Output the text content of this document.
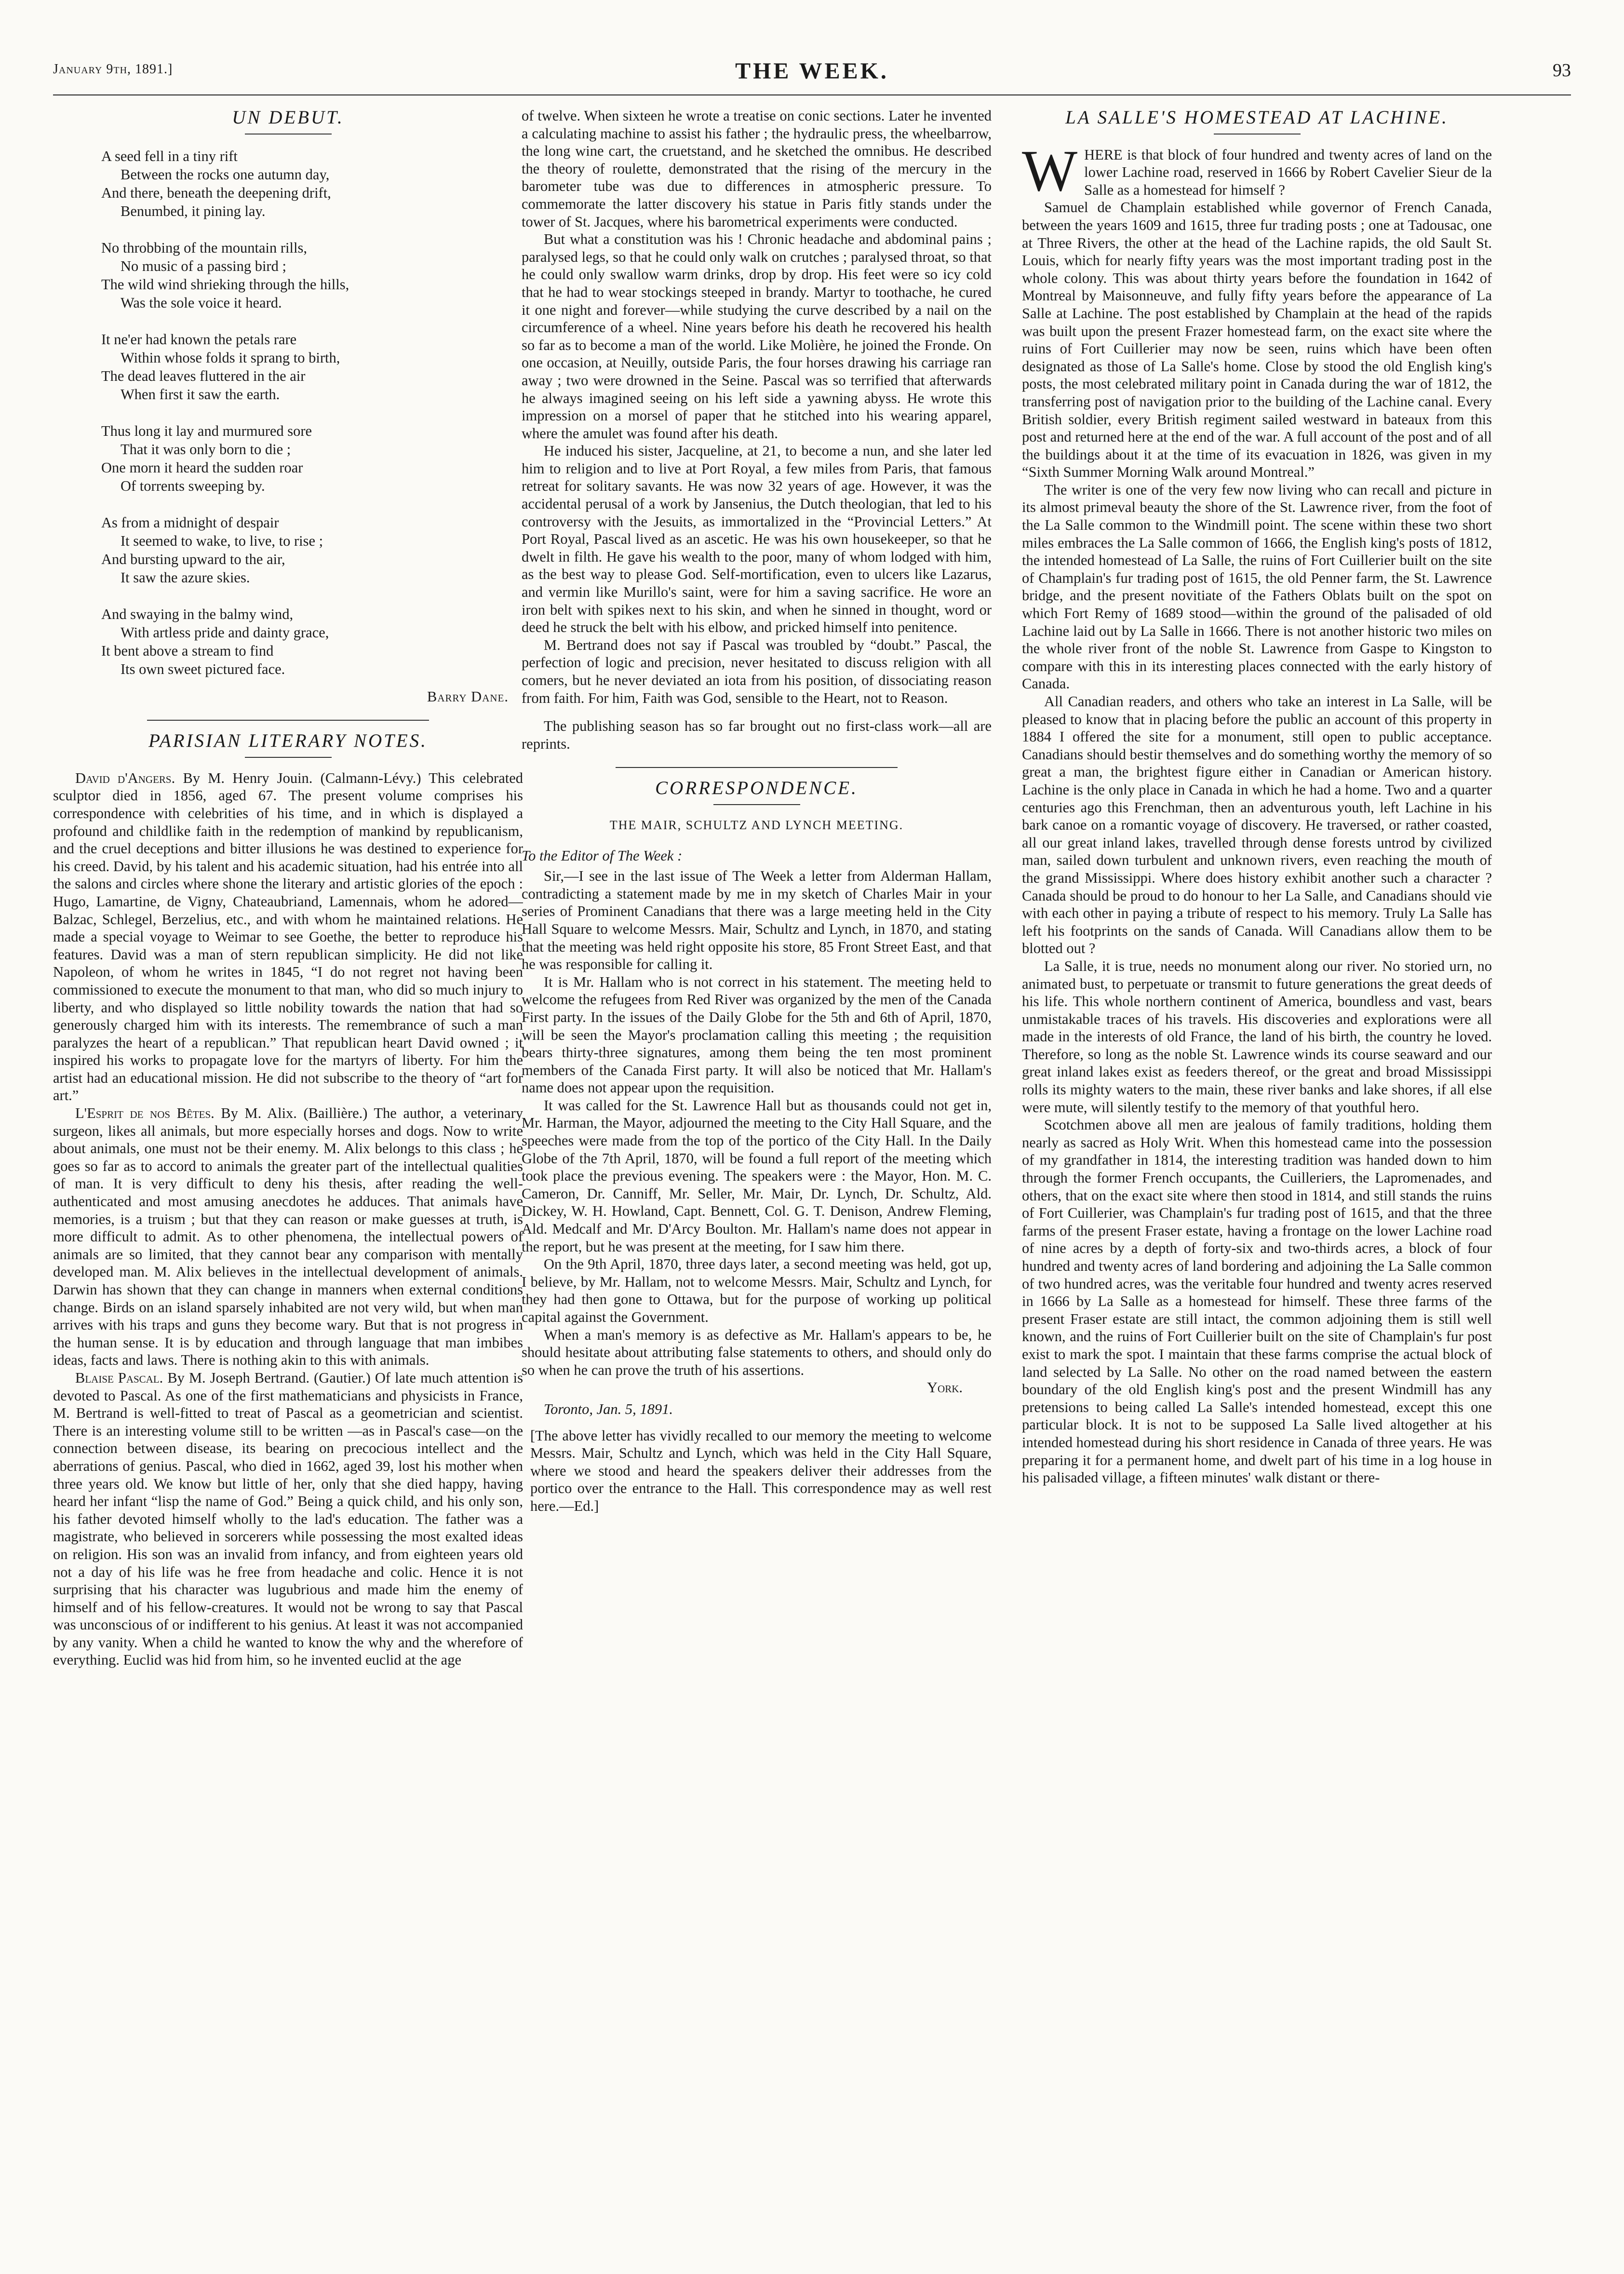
January 9th, 1891.]	THE WEEK.	93
UN DEBUT.
A seed fell in a tiny rift
Between the rocks one autumn day,
And there, beneath the deepening drift,
Benumbed, it pining lay.
No throbbing of the mountain rills,
No music of a passing bird ;
The wild wind shrieking through the hills,
Was the sole voice it heard.
It ne'er had known the petals rare
Within whose folds it sprang to birth,
The dead leaves fluttered in the air
When first it saw the earth.
Thus long it lay and murmured sore
That it was only born to die ;
One morn it heard the sudden roar
Of torrents sweeping by.
As from a midnight of despair
It seemed to wake, to live, to rise ;
And bursting upward to the air,
It saw the azure skies.
And swaying in the balmy wind,
With artless pride and dainty grace,
It bent above a stream to find
Its own sweet pictured face.
Barry Dane.
PARISIAN LITERARY NOTES.

David d'Angers. By M. Henry Jouin. (Calmann-Lévy.) This celebrated sculptor died in 1856, aged 67. The present volume comprises his correspondence with celebrities of his time, and in which is displayed a profound and childlike faith in the redemption of mankind by republicanism, and the cruel deceptions and bitter illusions he was destined to experience for his creed. David, by his talent and his academic situation, had his entrée into all the salons and circles where shone the literary and artistic glories of the epoch : Hugo, Lamartine, de Vigny, Chateaubriand, Lamennais, whom he adored—Balzac, Schlegel, Berzelius, etc., and with whom he maintained relations. He made a special voyage to Weimar to see Goethe, the better to reproduce his features. David was a man of stern republican simplicity. He did not like Napoleon, of whom he writes in 1845, “I do not regret not having been commissioned to execute the monument to that man, who did so much injury to liberty, and who displayed so little nobility towards the nation that had so generously charged him with its interests. The remembrance of such a man paralyzes the heart of a republican.” That republican heart David owned ; it inspired his works to propagate love for the martyrs of liberty. For him the artist had an educational mission. He did not subscribe to the theory of “art for art.”

L'Esprit de nos Bêtes. By M. Alix. (Baillière.) The author, a veterinary surgeon, likes all animals, but more especially horses and dogs. Now to write about animals, one must not be their enemy. M. Alix belongs to this class ; he goes so far as to accord to animals the greater part of the intellectual qualities of man. It is very difficult to deny his thesis, after reading the well-authenticated and most amusing anecdotes he adduces. That animals have memories, is a truism ; but that they can reason or make guesses at truth, is more difficult to admit. As to other phenomena, the intellectual powers of animals are so limited, that they cannot bear any comparison with mentally developed man. M. Alix believes in the intellectual development of animals. Darwin has shown that they can change in manners when external conditions change. Birds on an island sparsely inhabited are not very wild, but when man arrives with his traps and guns they become wary. But that is not progress in the human sense. It is by education and through language that man imbibes ideas, facts and laws. There is nothing akin to this with animals.

Blaise Pascal. By M. Joseph Bertrand. (Gautier.) Of late much attention is devoted to Pascal. As one of the first mathematicians and physicists in France, M. Bertrand is well-fitted to treat of Pascal as a geometrician and scientist. There is an interesting volume still to be written —as in Pascal's case—on the connection between disease, its bearing on precocious intellect and the aberrations of genius. Pascal, who died in 1662, aged 39, lost his mother when three years old. We know but little of her, only that she died happy, having heard her infant “lisp the name of God.” Being a quick child, and his only son, his father devoted himself wholly to the lad's education. The father was a magistrate, who believed in sorcerers while possessing the most exalted ideas on religion. His son was an invalid from infancy, and from eighteen years old not a day of his life was he free from headache and colic. Hence it is not surprising that his character was lugubrious and made him the enemy of himself and of his fellow-creatures. It would not be wrong to say that Pascal was unconscious of or indifferent to his genius. At least it was not accompanied by any vanity. When a child he wanted to know the why and the wherefore of everything. Euclid was hid from him, so he invented euclid at the age

of twelve. When sixteen he wrote a treatise on conic sections. Later he invented a calculating machine to assist his father ; the hydraulic press, the wheelbarrow, the long wine cart, the cruetstand, and he sketched the omnibus. He described the theory of roulette, demonstrated that the rising of the mercury in the barometer tube was due to differences in atmospheric pressure. To commemorate the latter discovery his statue in Paris fitly stands under the tower of St. Jacques, where his barometrical experiments were conducted.

But what a constitution was his ! Chronic headache and abdominal pains ; paralysed legs, so that he could only walk on crutches ; paralysed throat, so that he could only swallow warm drinks, drop by drop. His feet were so icy cold that he had to wear stockings steeped in brandy. Martyr to toothache, he cured it one night and forever—while studying the curve described by a nail on the circumference of a wheel. Nine years before his death he recovered his health so far as to become a man of the world. Like Molière, he joined the Fronde. On one occasion, at Neuilly, outside Paris, the four horses drawing his carriage ran away ; two were drowned in the Seine. Pascal was so terrified that afterwards he always imagined seeing on his left side a yawning abyss. He wrote this impression on a morsel of paper that he stitched into his wearing apparel, where the amulet was found after his death.

He induced his sister, Jacqueline, at 21, to become a nun, and she later led him to religion and to live at Port Royal, a few miles from Paris, that famous retreat for solitary savants. He was now 32 years of age. However, it was the accidental perusal of a work by Jansenius, the Dutch theologian, that led to his controversy with the Jesuits, as immortalized in the “Provincial Letters.” At Port Royal, Pascal lived as an ascetic. He was his own housekeeper, so that he dwelt in filth. He gave his wealth to the poor, many of whom lodged with him, as the best way to please God. Self-mortification, even to ulcers like Lazarus, and vermin like Murillo's saint, were for him a saving sacrifice. He wore an iron belt with spikes next to his skin, and when he sinned in thought, word or deed he struck the belt with his elbow, and pricked himself into penitence.

M. Bertrand does not say if Pascal was troubled by “doubt.” Pascal, the perfection of logic and precision, never hesitated to discuss religion with all comers, but he never deviated an iota from his position, of dissociating reason from faith. For him, Faith was God, sensible to the Heart, not to Reason.

The publishing season has so far brought out no first-class work—all are reprints.

CORRESPONDENCE.
THE MAIR, SCHULTZ AND LYNCH MEETING.

To the Editor of The Week :

Sir,—I see in the last issue of The Week a letter from Alderman Hallam, contradicting a statement made by me in my sketch of Charles Mair in your series of Prominent Canadians that there was a large meeting held in the City Hall Square to welcome Messrs. Mair, Schultz and Lynch, in 1870, and stating that the meeting was held right opposite his store, 85 Front Street East, and that he was responsible for calling it.

It is Mr. Hallam who is not correct in his statement. The meeting held to welcome the refugees from Red River was organized by the men of the Canada First party. In the issues of the Daily Globe for the 5th and 6th of April, 1870, will be seen the Mayor's proclamation calling this meeting ; the requisition bears thirty-three signatures, among them being the ten most prominent members of the Canada First party. It will also be noticed that Mr. Hallam's name does not appear upon the requisition.

It was called for the St. Lawrence Hall but as thousands could not get in, Mr. Harman, the Mayor, adjourned the meeting to the City Hall Square, and the speeches were made from the top of the portico of the City Hall. In the Daily Globe of the 7th April, 1870, will be found a full report of the meeting which took place the previous evening. The speakers were : the Mayor, Hon. M. C. Cameron, Dr. Canniff, Mr. Seller, Mr. Mair, Dr. Lynch, Dr. Schultz, Ald. Dickey, W. H. Howland, Capt. Bennett, Col. G. T. Denison, Andrew Fleming, Ald. Medcalf and Mr. D'Arcy Boulton. Mr. Hallam's name does not appear in the report, but he was present at the meeting, for I saw him there.

On the 9th April, 1870, three days later, a second meeting was held, got up, I believe, by Mr. Hallam, not to welcome Messrs. Mair, Schultz and Lynch, for they had then gone to Ottawa, but for the purpose of working up political capital against the Government.

When a man's memory is as defective as Mr. Hallam's appears to be, he should hesitate about attributing false statements to others, and should only do so when he can prove the truth of his assertions.

York.

Toronto, Jan. 5, 1891.

[The above letter has vividly recalled to our memory the meeting to welcome Messrs. Mair, Schultz and Lynch, which was held in the City Hall Square, where we stood and heard the speakers deliver their addresses from the portico over the entrance to the Hall. This correspondence may as well rest here.—Ed.]

LA SALLE'S HOMESTEAD AT LACHINE.

WHERE is that block of four hundred and twenty acres of land on the lower Lachine road, reserved in 1666 by Robert Cavelier Sieur de la Salle as a homestead for himself ?

Samuel de Champlain established while governor of French Canada, between the years 1609 and 1615, three fur trading posts ; one at Tadousac, one at Three Rivers, the other at the head of the Lachine rapids, the old Sault St. Louis, which for nearly fifty years was the most important trading post in the whole colony. This was about thirty years before the foundation in 1642 of Montreal by Maisonneuve, and fully fifty years before the appearance of La Salle at Lachine. The post established by Champlain at the head of the rapids was built upon the present Frazer homestead farm, on the exact site where the ruins of Fort Cuillerier may now be seen, ruins which have been often designated as those of La Salle's home. Close by stood the old English king's posts, the most celebrated military point in Canada during the war of 1812, the transferring post of navigation prior to the building of the Lachine canal. Every British soldier, every British regiment sailed westward in bateaux from this post and returned here at the end of the war. A full account of the post and of all the buildings about it at the time of its evacuation in 1826, was given in my “Sixth Summer Morning Walk around Montreal.”

The writer is one of the very few now living who can recall and picture in its almost primeval beauty the shore of the St. Lawrence river, from the foot of the La Salle common to the Windmill point. The scene within these two short miles embraces the La Salle common of 1666, the English king's posts of 1812, the intended homestead of La Salle, the ruins of Fort Cuillerier built on the site of Champlain's fur trading post of 1615, the old Penner farm, the St. Lawrence bridge, and the present novitiate of the Fathers Oblats built on the spot on which Fort Remy of 1689 stood—within the ground of the palisaded of old Lachine laid out by La Salle in 1666. There is not another historic two miles on the whole river front of the noble St. Lawrence from Gaspe to Kingston to compare with this in its interesting places connected with the early history of Canada.

All Canadian readers, and others who take an interest in La Salle, will be pleased to know that in placing before the public an account of this property in 1884 I offered the site for a monument, still open to public acceptance. Canadians should bestir themselves and do something worthy the memory of so great a man, the brightest figure either in Canadian or American history. Lachine is the only place in Canada in which he had a home. Two and a quarter centuries ago this Frenchman, then an adventurous youth, left Lachine in his bark canoe on a romantic voyage of discovery. He traversed, or rather coasted, all our great inland lakes, travelled through dense forests untrod by civilized man, sailed down turbulent and unknown rivers, even reaching the mouth of the grand Mississippi. Where does history exhibit another such a character ? Canada should be proud to do honour to her La Salle, and Canadians should vie with each other in paying a tribute of respect to his memory. Truly La Salle has left his footprints on the sands of Canada. Will Canadians allow them to be blotted out ?

La Salle, it is true, needs no monument along our river. No storied urn, no animated bust, to perpetuate or transmit to future generations the great deeds of his life. This whole northern continent of America, boundless and vast, bears unmistakable traces of his travels. His discoveries and explorations were all made in the interests of old France, the land of his birth, the country he loved. Therefore, so long as the noble St. Lawrence winds its course seaward and our great inland lakes exist as feeders thereof, or the great and broad Mississippi rolls its mighty waters to the main, these river banks and lake shores, if all else were mute, will silently testify to the memory of that youthful hero.

Scotchmen above all men are jealous of family traditions, holding them nearly as sacred as Holy Writ. When this homestead came into the possession of my grandfather in 1814, the interesting tradition was handed down to him through the former French occupants, the Cuilleriers, the Lapromenades, and others, that on the exact site where then stood in 1814, and still stands the ruins of Fort Cuillerier, was Champlain's fur trading post of 1615, and that the three farms of the present Fraser estate, having a frontage on the lower Lachine road of nine acres by a depth of forty-six and two-thirds acres, a block of four hundred and twenty acres of land bordering and adjoining the La Salle common of two hundred acres, was the veritable four hundred and twenty acres reserved in 1666 by La Salle as a homestead for himself. These three farms of the present Fraser estate are still intact, the common adjoining them is still well known, and the ruins of Fort Cuillerier built on the site of Champlain's fur post exist to mark the spot. I maintain that these farms comprise the actual block of land selected by La Salle. No other on the road named between the eastern boundary of the old English king's post and the present Windmill has any pretensions to being called La Salle's intended homestead, except this one particular block. It is not to be supposed La Salle lived altogether at his intended homestead during his short residence in Canada of three years. He was preparing it for a permanent home, and dwelt part of his time in a log house in his palisaded village, a fifteen minutes' walk distant or there-
